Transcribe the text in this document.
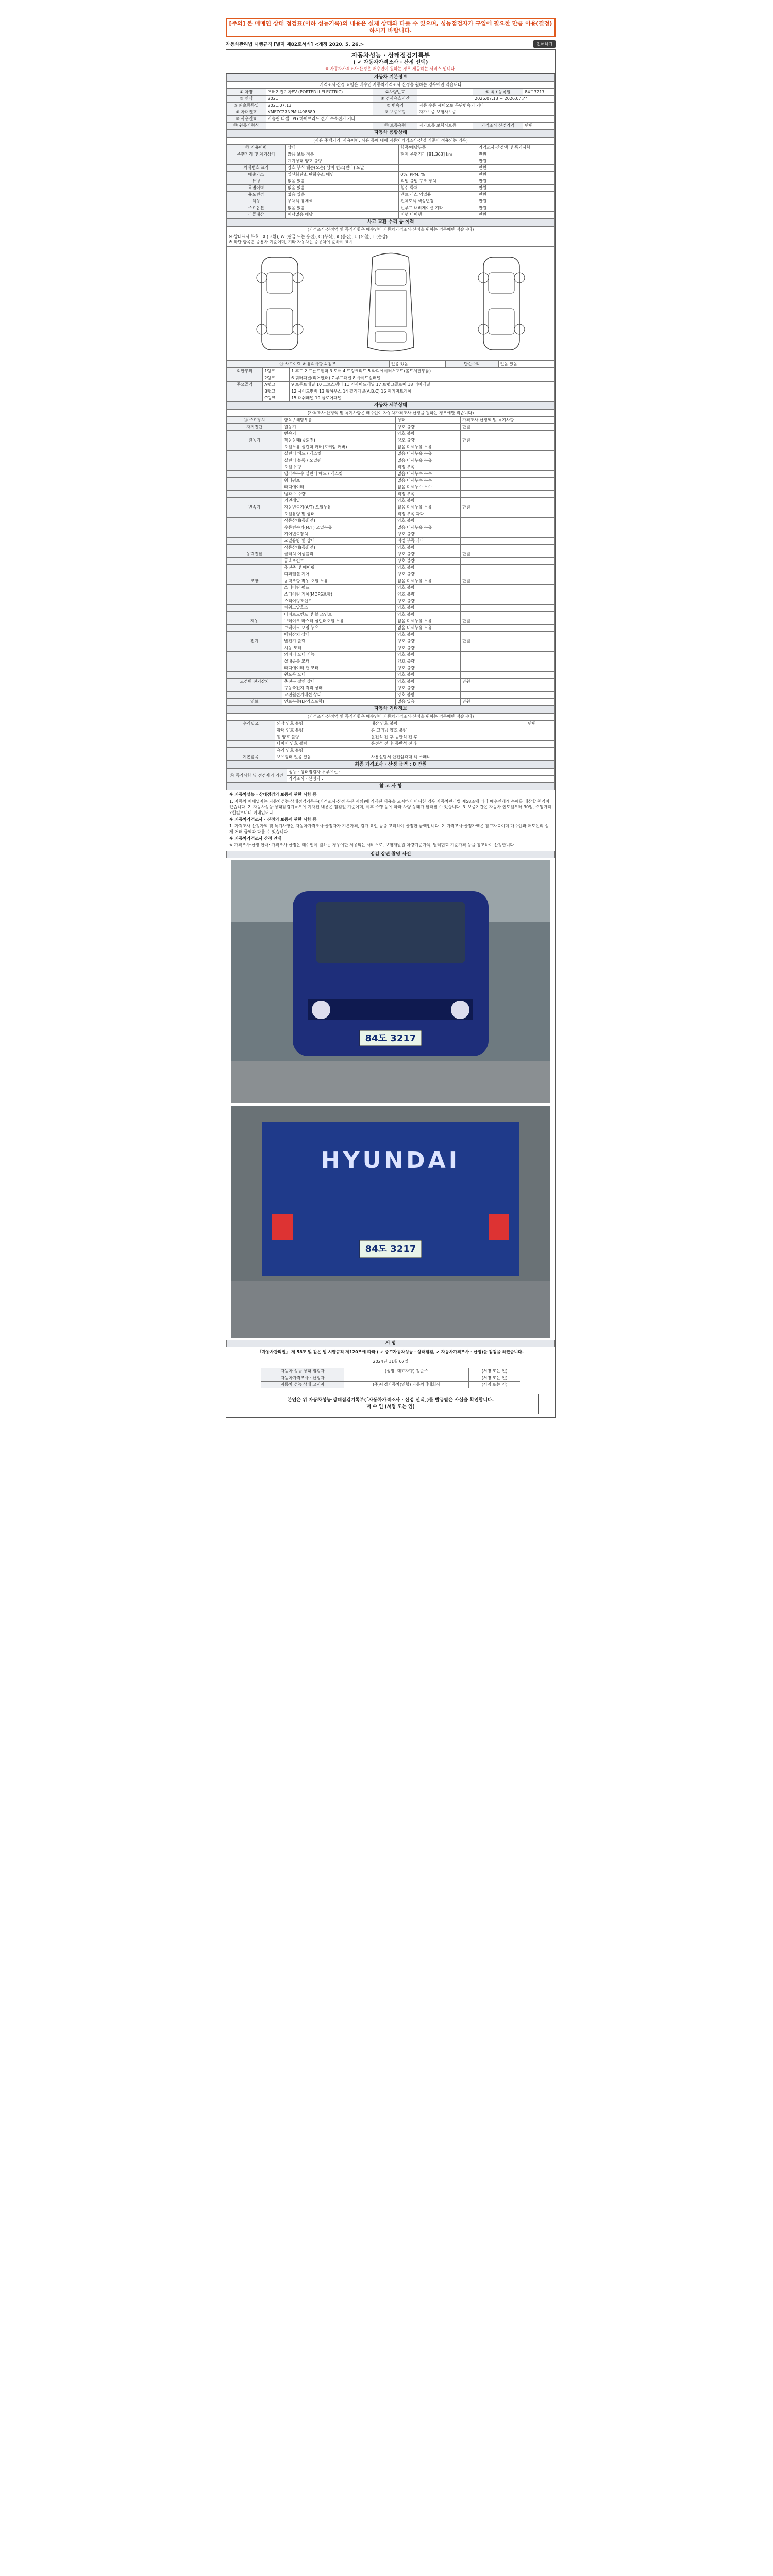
[주의] 본 매매연 상태 점검표(이하 성능기록)의 내용은 실제 상태와 다를 수 있으며, 성능점검자가 구입에 필요한 만큼 이용(결정)하시기 바랍니다.
자동차관리법 시행규칙 [별지 제82호서식] <개정 2020. 5. 26.>	인쇄하기
자동차성능 · 상태점검기록부
( ✔ 자동차가격조사 · 산정 선택)
※ 자동차가격조사·산정은 매수인이 원하는 경우 제공하는 서비스 입니다.
자동차 기본정보
가격조사·산정 요령은 매수인 자동차가격조사·산정을 원하는 경우에만 적습니다
① 차명	포터2 전기차EV (PORTER II ELECTRIC)	②차량번호		⑥ 최초등록일	84도3217
③ 연식	2021	④ 검사유효기간		2026.07.13 ~ 2026.07.??	
⑤ 최초등록일	2021.07.13	⑦ 변속기	자동 수동 세미오토 무단변속기 기타		
⑧ 차대번호	KMFZC27NPMU498889	⑨ 보증유형	자가보증 보험사보증		
⑩ 사용연료	가솔린 디젤 LPG 하이브리드 전기 수소전기 기타				
⑪ 원동기형식		⑫ 보증유형	자가보증 보험사보증	가격조사 산정가격	만원
자동차 종합상태
(사용 주행거리, 사용이력, 사용 등에 대해 자동차가격조사·산정 기준이 적용되는 경우)
⑬ 사용이력	상태	항목/해당부품	가격조사·산정액 및 특기사항
주행거리 및 계기상태	많음 보통 적음	현재 주행거리 [81,363] km	만원
	계기상태 양호 불량		만원
차대번호 표기	양호 부식 훼손(오손) 상이 변조(변타) 도말		만원
배출가스	일산화탄소 탄화수소 매연	0%, PPM, %	만원
튜닝	없음 있음	적법 불법 구조 장치	만원
특별이력	없음 있음	침수 화재	만원
용도변경	없음 있음	렌트 리스 영업용	만원
색상	무채색 유채색	전체도색 색상변경	만원
주요옵션	없음 있음	선루프 내비게이션 기타	만원
리콜대상	해당없음 해당	이행 미이행	만원
사고 교환 수리 등 이력
(가격조사·산정액 및 특기사항은 매수인이 자동차가격조사·산정을 원하는 경우에만 적습니다)
※ 상태표시 부호 : X (교환), W (판금 또는 용접), C (부식), A (흠집), U (요철), T (손상)
※ 하단 항목은 승용차 기준이며, 기타 자동차는 승용차에 준하여 표시
⑭ 사고이력 ※ 유의사항 4 참조	없음 있음	단순수리	없음 있음
외판부위	1랭크	1 후드 2 프론트휀더 3 도어 4 트렁크리드 5 라디에이터서포트(볼트체결부품)
	2랭크	6 쿼터패널(리어휀더) 7 루프패널 8 사이드실패널
주요골격	A랭크	9 프론트패널 10 크로스멤버 11 인사이드패널 17 트렁크플로어 18 리어패널
	B랭크	12 사이드멤버 13 휠하우스 14 필러패널(A,B,C) 16 패키지트레이
	C랭크	15 대쉬패널 19 플로어패널
자동차 세부상태
(가격조사·산정액 및 특기사항은 매수인이 자동차가격조사·산정을 원하는 경우에만 적습니다)
⑯ 주요장치	항목 / 해당부품	상태	가격조사·산정액 및 특기사항
자기진단	원동기	양호 불량	만원
	변속기	양호 불량	
원동기	작동상태(공회전)	양호 불량	만원
	오일누유 실린더 커버(로커암 커버)	없음 미세누유 누유	
	실린더 헤드 / 개스킷	없음 미세누유 누유	
	실린더 블록 / 오일팬	없음 미세누유 누유	
	오일 유량	적정 부족	
	냉각수누수 실린더 헤드 / 개스킷	없음 미세누수 누수	
	워터펌프	없음 미세누수 누수	
	라디에이터	없음 미세누수 누수	
	냉각수 수량	적정 부족	
	커먼레일	양호 불량	
변속기	자동변속기(A/T) 오일누유	없음 미세누유 누유	만원
	오일유량 및 상태	적정 부족 과다	
	작동상태(공회전)	양호 불량	
	수동변속기(M/T) 오일누유	없음 미세누유 누유	
	기어변속장치	양호 불량	
	오일유량 및 상태	적정 부족 과다	
	작동상태(공회전)	양호 불량	
동력전달	클러치 어셈블리	양호 불량	만원
	등속조인트	양호 불량	
	추진축 및 베어링	양호 불량	
	디퍼렌셜 기어	양호 불량	
조향	동력조향 작동 오일 누유	없음 미세누유 누유	만원
	스티어링 펌프	양호 불량	
	스티어링 기어(MDPS포함)	양호 불량	
	스티어링조인트	양호 불량	
	파워고압호스	양호 불량	
	타이로드엔드 및 볼 조인트	양호 불량	
제동	브레이크 마스터 실린더오일 누유	없음 미세누유 누유	만원
	브레이크 오일 누유	없음 미세누유 누유	
	배력장치 상태	양호 불량	
전기	발전기 출력	양호 불량	만원
	시동 모터	양호 불량	
	와이퍼 모터 기능	양호 불량	
	실내송풍 모터	양호 불량	
	라디에이터 팬 모터	양호 불량	
	윈도우 모터	양호 불량	
고전원 전기장치	충전구 절연 상태	양호 불량	만원
	구동축전지 격리 상태	양호 불량	
	고전원전기배선 상태	양호 불량	
연료	연료누출(LP가스포함)	없음 있음	만원
자동차 기타정보
(가격조사·산정액 및 특기사항은 매수인이 자동차가격조사·산정을 원하는 경우에만 적습니다)
수리필요	외장 양호 불량	내장 양호 불량	만원
	광택 양호 불량	룸 크리닝 양호 불량	
	휠 양호 불량	운전석 전 후 동반석 전 후	
	타이어 양호 불량	운전석 전 후 동반석 전 후	
	유리 양호 불량		
기본품목	보유상태 없음 있음	사용설명서 안전삼각대 잭 스패너	
최종 가격조사 · 산정 금액 : 0 만원
⑰ 특기사항 및 점검자의 의견	성능 · 상태점검자 두루유선 :
가격조사 · 산정자 :
참 고 사 항

※ 자동차성능 · 상태점검의 보증에 관한 사항 등

1. 자동차 매매업자는 자동차성능·상태점검기록부(가격조사·산정 부분 제외)에 기재된 내용을 고지하지 아니한 경우 자동차관리법 제58조에 따라 매수인에게 손해를 배상할 책임이 있습니다. 2. 자동차성능·상태점검기록부에 기재된 내용은 점검일 기준이며, 이후 주행 등에 따라 차량 상태가 달라질 수 있습니다. 3. 보증기간은 자동차 인도일부터 30일, 주행거리 2천킬로미터 이내입니다.

※ 자동차가격조사 · 산정의 보증에 관한 사항 등

1. 가격조사·산정가액 및 특기사항은 자동차가격조사·산정자가 기본가격, 감가 요인 등을 고려하여 산정한 금액입니다. 2. 가격조사·산정가액은 참고자료이며 매수인과 매도인의 실제 거래 금액과 다를 수 있습니다.

※ 자동차가격조사 산정 안내

※ 가격조사·산정 안내: 가격조사·산정은 매수인이 원하는 경우에만 제공되는 서비스로, 보험개발원 차량기준가액, 딜러협회 기준가격 등을 참조하여 산정합니다.

점검 장면 촬영 사진
84도 3217
HYUNDAI
84도 3217
서 명
「자동차관리법」 제 58조 및 같은 법 시행규칙 제120조에 따라 ( ✔ 중고자동차성능 · 상태점검, ✔ 자동차가격조사 · 산정)을 점검을 하였습니다.
2024년 11월 07일
자동차 성능 상태 점검자	(성명, 대표자명) 정순주	(서명 또는 인)
자동차가격조사 · 산정자		(서명 또는 인)
자동차 성능 상태 고지자	(주)대경자동차(연합) 자동차매매회사	(서명 또는 인)
본인은 위 자동차성능·상태점검기록부(「자동차가격조사 · 산정 선택」)를 발급받은 사실을 확인합니다.
매 수 인 (서명 또는 인)
